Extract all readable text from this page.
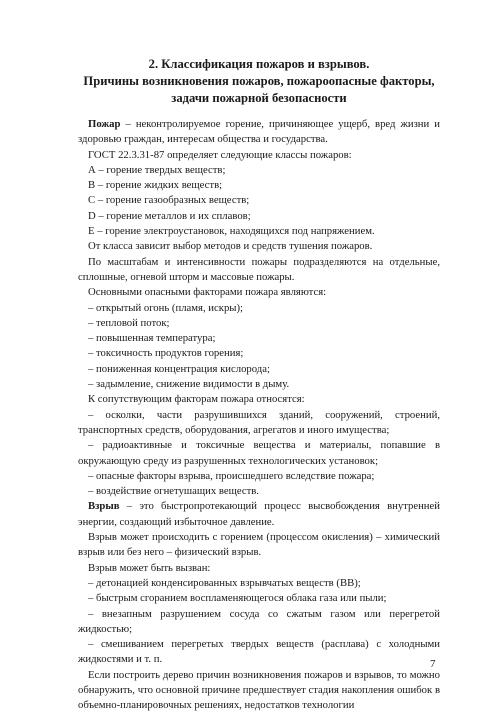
2. Классификация пожаров и взрывов.
Причины возникновения пожаров, пожароопасные факторы,
задачи пожарной безопасности
Пожар – неконтролируемое горение, причиняющее ущерб, вред жизни и здоровью граждан, интересам общества и государства.
ГОСТ 22.3.31-87 определяет следующие классы пожаров:
А – горение твердых веществ;
В – горение жидких веществ;
С – горение газообразных веществ;
D – горение металлов и их сплавов;
Е – горение электроустановок, находящихся под напряжением.
От класса зависит выбор методов и средств тушения пожаров.
По масштабам и интенсивности пожары подразделяются на отдельные, сплошные, огневой шторм и массовые пожары.
Основными опасными факторами пожара являются:
– открытый огонь (пламя, искры);
– тепловой поток;
– повышенная температура;
– токсичность продуктов горения;
– пониженная концентрация кислорода;
– задымление, снижение видимости в дыму.
К сопутствующим факторам пожара относятся:
– осколки, части разрушившихся зданий, сооружений, строений, транспортных средств, оборудования, агрегатов и иного имущества;
– радиоактивные и токсичные вещества и материалы, попавшие в окружающую среду из разрушенных технологических установок;
– опасные факторы взрыва, происшедшего вследствие пожара;
– воздействие огнетушащих веществ.
Взрыв – это быстропротекающий процесс высвобождения внутренней энергии, создающий избыточное давление.
Взрыв может происходить с горением (процессом окисления) – химический взрыв или без него – физический взрыв.
Взрыв может быть вызван:
– детонацией конденсированных взрывчатых веществ (ВВ);
– быстрым сгоранием воспламеняющегося облака газа или пыли;
– внезапным разрушением сосуда со сжатым газом или перегретой жидкостью;
– смешиванием перегретых твердых веществ (расплава) с холодными жидкостями и т. п.
Если построить дерево причин возникновения пожаров и взрывов, то можно обнаружить, что основной причине предшествует стадия накопления ошибок в объемно-планировочных решениях, недостатков технологии
7
